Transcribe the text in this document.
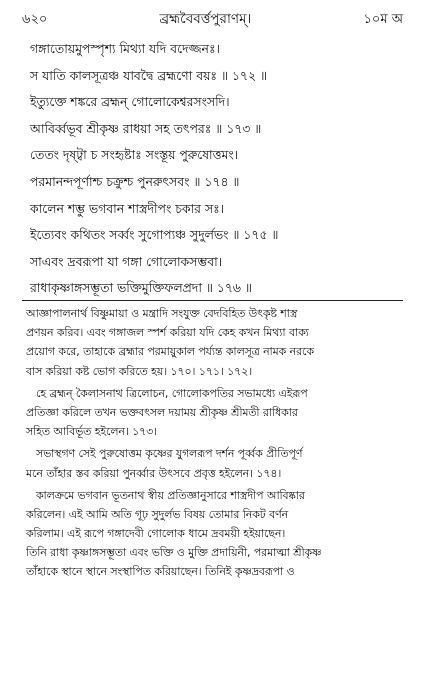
৬২০	ব্রহ্মবৈবর্ত্তপুরাণম্‌।	১০ম অ
গঙ্গাতোয়মুপস্পৃশ্য মিথ্যা যদি বদেজ্জনঃ।
স যাতি কালসূত্রঞ্চ যাবদ্বৈ ব্রহ্মণো বয়ঃ ॥ ১৭২ ॥
ইত্যুক্তে শঙ্করে ব্রহ্মন্ গোলোকেশ্বরসংসদি।
আবির্ব্বভূব শ্রীকৃষ্ণ রাধয়া সহ তৎপরঃ ॥ ১৭৩ ॥
তেতং দৃষ্ট্বা চ সংহৃষ্টাঃ সংস্তূয় পুরুষোত্তমং।
পরমানন্দপূর্ণাশ্চ চক্রুশ্চ পুনরুৎসবং ॥ ১৭৪ ॥
কালেন শম্ভু ভগবান শাস্ত্রদীপং চকার সঃ।
ইত্যেবং কথিতং সর্ব্বং সুগোপ্যঞ্চ সুদুর্লভং ॥ ১৭৫ ॥
সাএবং দ্রবরূপা যা গঙ্গা গোলোকসম্ভবা।
রাধাকৃষ্ণাঙ্গসম্ভূতা ভক্তিমুক্তিফলপ্রদা ॥ ১৭৬ ॥
আজ্ঞাপালনার্থ বিষ্ণুমায়া ও মন্ত্রাদি সংযুক্ত বেদবিহিত উৎকৃষ্ট শাস্ত্র
প্রণয়ন করিব। এবং গঙ্গাজল স্পর্শ করিয়া যদি কেহ কখন মিথ্যা বাক্য
প্রয়োগ করে, তাহাকে ব্রহ্মার পরমায়ুকাল পর্য্যন্ত কালসূত্র নামক নরকে
বাস করিয়া কষ্ট ভোগ করিতে হয়। ১৭০। ১৭১। ১৭২।
হে ব্রহ্মন্ কৈলাসনাথ ত্রিলোচন, গোলোকপতির সভামধ্যে এইরূপ
প্রতিজ্ঞা করিলে তখন ভক্তবৎসল দয়াময় শ্রীকৃষ্ণ শ্রীমতী রাধিকার
সহিত আবির্ভূত হইলেন। ১৭৩।
সভাস্থগণ সেই পুরুষোত্তম কৃষ্ণের যুগলরূপ দর্শন পূর্ব্বক প্রীতিপূর্ণ
মনে তাঁহার স্তব করিয়া পুনর্ব্বার উৎসবে প্রবৃত্ত হইলেন। ১৭৪।
কালক্রমে ভগবান ভূতনাথ স্বীয় প্রতিজ্ঞানুসারে শাস্ত্রদীপ আবিষ্কার
করিলেন। এই আমি অতি গূঢ় সুদুর্লভ বিষয় তোমার নিকট বর্ণন
করিলাম। এই রূপে গঙ্গাদেবী গোলোক ধামে দ্রবময়ী হইয়াছেন।
তিনি রাধা কৃষ্ণাঙ্গসম্ভূতা এবং ভক্তি ও মুক্তি প্রদায়িনী, পরমাত্মা শ্রীকৃষ্ণ
তাঁহাকে স্থানে স্থানে সংস্থাপিত করিয়াছেন। তিনিই কৃষ্ণদ্রবরূপা ও
